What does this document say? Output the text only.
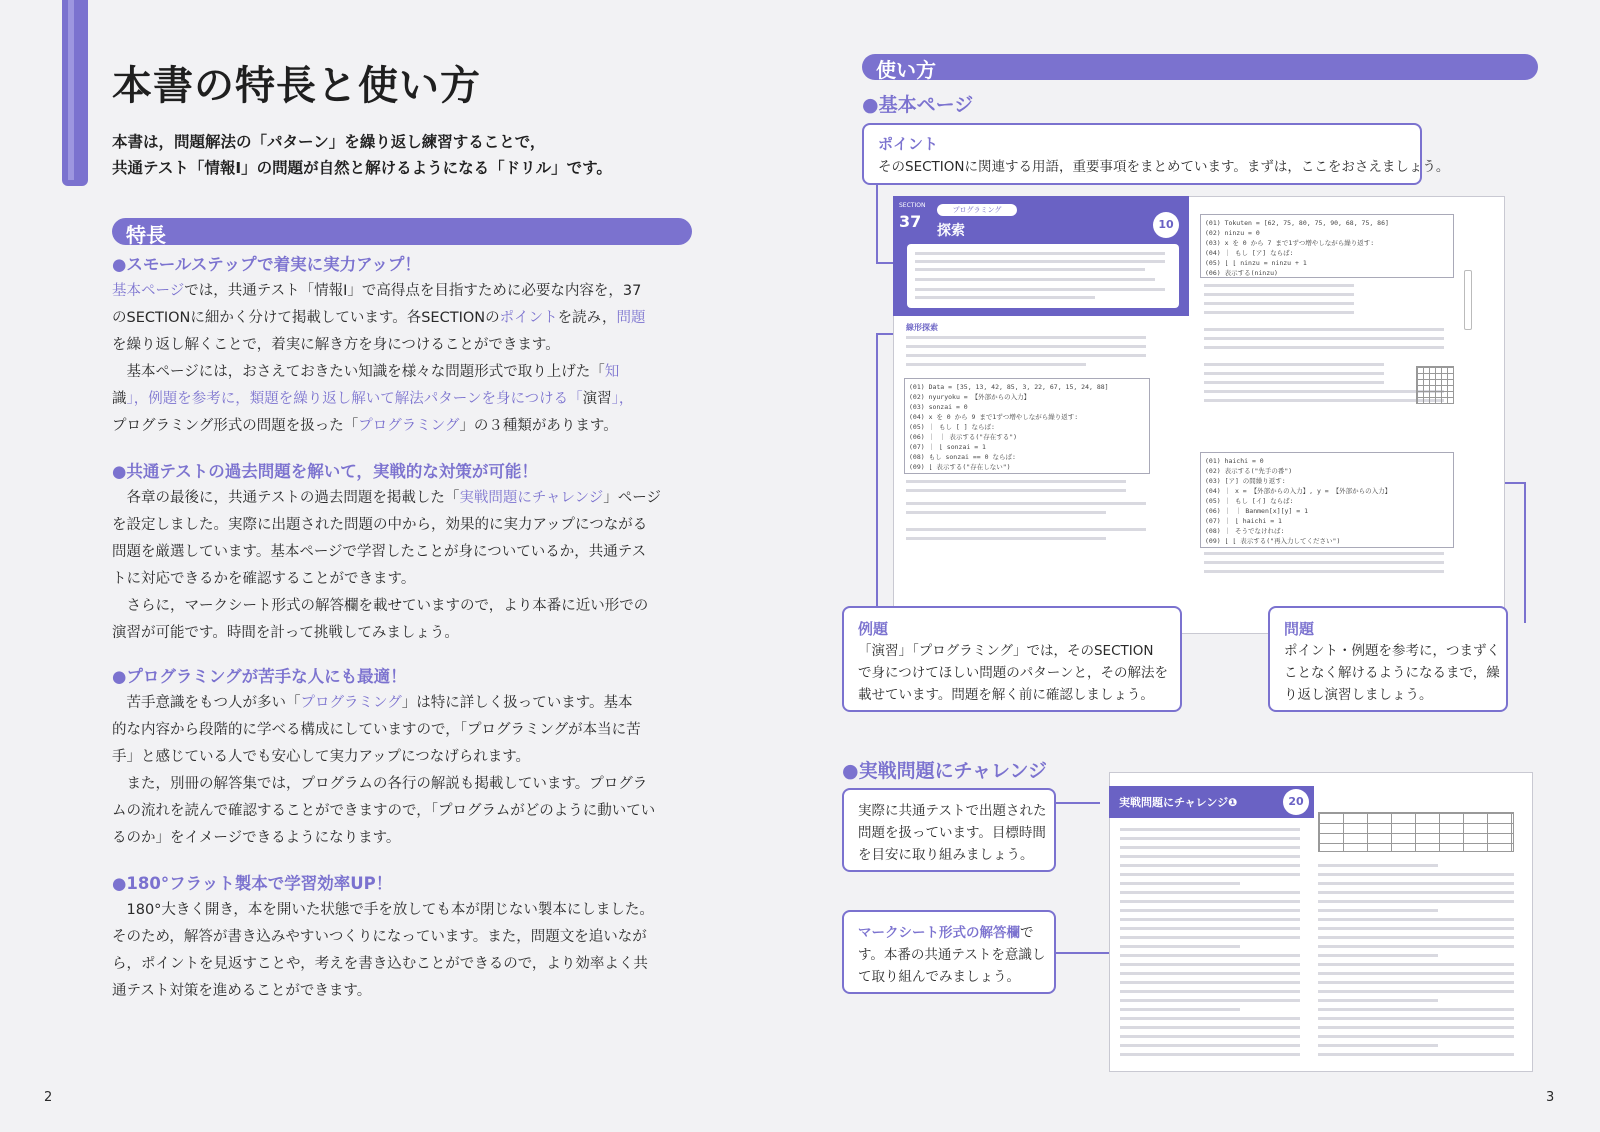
本書の特長と使い方
本書は，問題解法の「パターン」を繰り返し練習することで，
共通テスト「情報Ⅰ」の問題が自然と解けるようになる「ドリル」です。
特長
●スモールステップで着実に実力アップ！
基本ページでは，共通テスト「情報Ⅰ」で高得点を目指すために必要な内容を，37
のSECTIONに細かく分けて掲載しています。各SECTIONのポイントを読み，問題
を繰り返し解くことで，着実に解き方を身につけることができます。
　基本ページには，おさえておきたい知識を様々な問題形式で取り上げた「知
識」，例題を参考に，類題を繰り返し解いて解法パターンを身につける「演習」，
プログラミング形式の問題を扱った「プログラミング」の３種類があります。
●共通テストの過去問題を解いて，実戦的な対策が可能！
　各章の最後に，共通テストの過去問題を掲載した「実戦問題にチャレンジ」ページ
を設定しました。実際に出題された問題の中から，効果的に実力アップにつながる
問題を厳選しています。基本ページで学習したことが身についているか，共通テス
トに対応できるかを確認することができます。
　さらに，マークシート形式の解答欄を載せていますので，より本番に近い形での
演習が可能です。時間を計って挑戦してみましょう。
●プログラミングが苦手な人にも最適！
　苦手意識をもつ人が多い「プログラミング」は特に詳しく扱っています。基本
的な内容から段階的に学べる構成にしていますので，「プログラミングが本当に苦
手」と感じている人でも安心して実力アップにつなげられます。
　また，別冊の解答集では，プログラムの各行の解説も掲載しています。プログラ
ムの流れを読んで確認することができますので，「プログラムがどのように動いてい
るのか」をイメージできるようになります。
●180°フラット製本で学習効率UP！
　180°大きく開き，本を開いた状態で手を放しても本が閉じない製本にしました。
そのため，解答が書き込みやすいつくりになっています。また，問題文を追いなが
ら，ポイントを見返すことや，考えを書き込むことができるので，より効率よく共
通テスト対策を進めることができます。
2
使い方
●基本ページ
ポイント
そのSECTIONに関連する用語，重要事項をまとめています。まずは，ここをおさえましょう。
SECTION
37
プログラミング
探索	10
線形探索
(01) Data = [35, 13, 42, 85, 3, 22, 67, 15, 24, 88]
(02) nyuryoku = 【外部からの入力】
(03) sonzai = 0
(04) x を 0 から 9 まで1ずつ増やしながら繰り返す:
(05) ｜ もし [ ] ならば:
(06) ｜ ｜ 表示する("存在する")
(07) ｜ ⌊ sonzai = 1
(08) もし sonzai == 0 ならば:
(09) ⌊ 表示する("存在しない")
(01) Tokuten = [62, 75, 80, 75, 90, 68, 75, 86]
(02) ninzu = 0
(03) x を 0 から 7 まで1ずつ増やしながら繰り返す:
(04) ｜ もし [ア] ならば:
(05) ⌊ ⌊ ninzu = ninzu + 1
(06) 表示する(ninzu)
(01) haichi = 0
(02) 表示する("先手の番")
(03) [ア] の間繰り返す:
(04) ｜ x = 【外部からの入力】, y = 【外部からの入力】
(05) ｜ もし [イ] ならば:
(06) ｜ ｜ Banmen[x][y] = 1
(07) ｜ ⌊ haichi = 1
(08) ｜ そうでなければ:
(09) ⌊ ⌊ 表示する("再入力してください")
例題
「演習」「プログラミング」では，そのSECTION
で身につけてほしい問題のパターンと，その解法を
載せています。問題を解く前に確認しましょう。
問題
ポイント・例題を参考に，つまずく
ことなく解けるようになるまで，繰
り返し演習しましょう。
●実戦問題にチャレンジ
実際に共通テストで出題された
問題を扱っています。目標時間
を目安に取り組みましょう。
マークシート形式の解答欄で
す。本番の共通テストを意識し
て取り組んでみましょう。
実戦問題にチャレンジ❶	20
3
